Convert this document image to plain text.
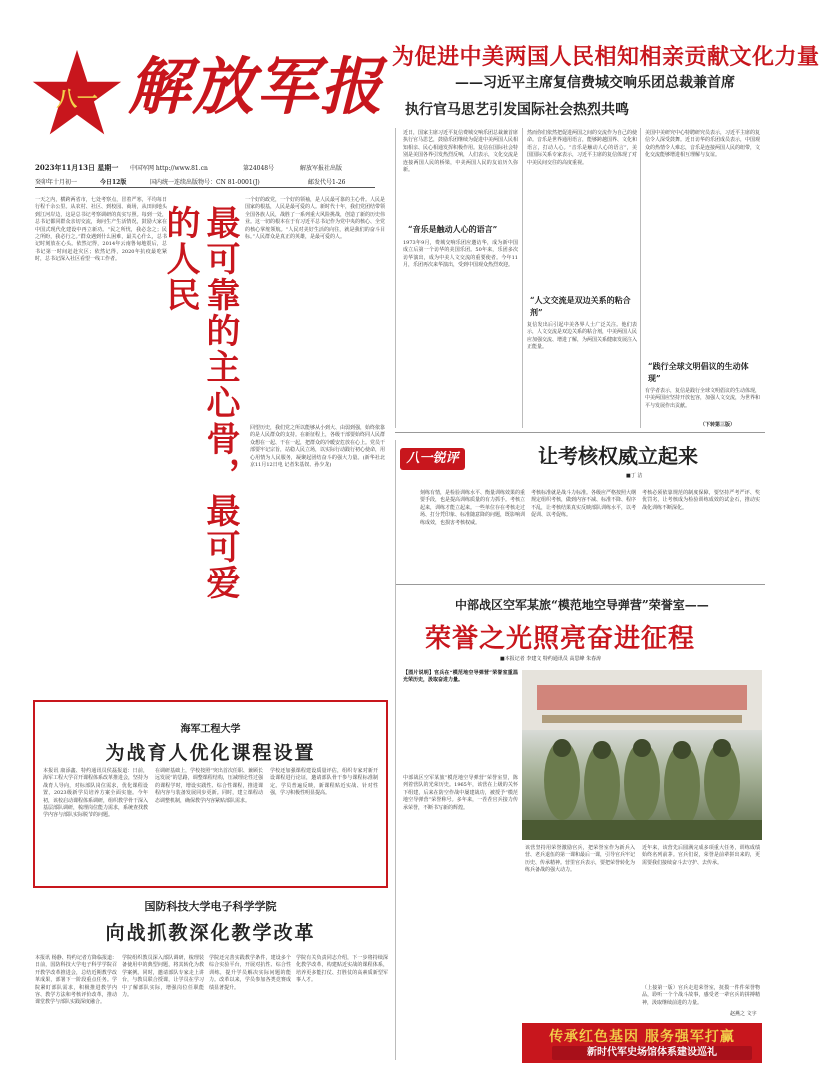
八一 解放军报
2023年11月13日 星期一 中国军网 http://www.81.cn	第24048号	解放军报社出版
癸卯年十月初一	今日12版	国内统一连续出版物号：CN 81-0001(J)	邮发代号1-26
为促进中美两国人民相知相亲贡献文化力量
——习近平主席复信费城交响乐团总裁兼首席
执行官马思艺引发国际社会热烈共鸣
近日，国家主席习近平复信费城交响乐团总裁兼首席执行官马思艺，鼓励乐团继续为促进中美两国人民相知相亲、民心相通发挥积极作用。复信在国际社会特别是美国各界引发热烈反响，人们表示，文化交流是连接两国人民的桥梁，中美两国人民的友谊历久弥新。
“音乐是触动人心的语言”
1973年9月，费城交响乐团应邀访华，成为新中国成立后第一个访华的美国乐团。50年来，乐团多次访华演出，成为中美人文交流的重要使者。今年11月，乐团再次来华演出，受到中国观众热烈欢迎。
然而你们依然把促进两国之间的交流作为自己的使命。音乐是世界通用语言，能够跨越国界、文化和语言，打动人心。“音乐是触动人心的语言”，美国国际关系专家表示，习近平主席的复信体现了对中美民间交往的高度重视。
“人文交流是双边关系的粘合剂”
复信发出后引起中美各界人士广泛关注。他们表示，人文交流是双边关系的粘合剂，中美两国人民应加强交流、增进了解，为两国关系健康发展注入正能量。
美国中美研究中心特聘研究员表示，习近平主席的复信令人深受鼓舞。近日访华的乐团成员表示，中国观众的热情令人难忘，音乐是连接两国人民的纽带，文化交流能够增进相互理解与友谊。
“践行全球文明倡议的生动体现”
有学者表示，复信是践行全球文明倡议的生动体现，中美两国应坚持开放包容，加强人文交流，为世界和平与发展作出贡献。
（下转第三版）
一天之内，横跨两省市，七处考察点，冒着严寒，平均每日行程千余公里。从农村、社区、到校园、商场，从田间地头到江河岸边，这是总书记考察调研的真实写照。每到一处，总书记都同群众亲切交流，询问生产生活情况，鼓励大家在中国式现代化建设中再立新功。“民之所忧，我必念之；民之所盼，我必行之。”群众遇到什么困难，最关心什么，总书记时刻放在心头。依然记得，2014年云南鲁甸地震后，总书记第一时间赶赴灾区；依然记得，2020年抗疫最吃紧时，总书记深入社区看望一线工作者。	最可靠的主心骨，最可爱的人民
一个好的政党，一个好的领袖，是人民最可靠的主心骨。人民是国家的根基，人民是最可爱的人。新时代十年，我们党团结带领全国各族人民，战胜了一系列重大风险挑战，创造了新的历史伟业。这一切的根本在于有习近平总书记作为党中央的核心、全党的核心掌舵领航。“人民对美好生活的向往，就是我们的奋斗目标。”人民群众是真正的英雄，是最可爱的人。
回望历史，我们党之所以能够从小到大、由弱到强，始终依靠的是人民群众的支持。在新征程上，各级干部要始终同人民群众想在一起、干在一起，把群众的冷暖安危放在心上。党员干部要牢记宗旨，站稳人民立场，以实际行动践行初心使命，用心用情为人民服务，凝聚起团结奋斗的强大力量。(新华社北京11月12日电 记者朱基钗、孙少龙)	八一锐评	让考核权威立起来
■丁 洁
刻练有情，是检验训练水平、衡量训练效果的重要手段，也是提高训练质量的有力抓手。考核立起来，训练才能立起来。一些单位存在考核走过场、打分凭印象、标准随意降的问题，既影响训练成效，也损害考核权威。
考核标准就是战斗力标准。各级应严格按照大纲规定组织考核，做到内容不减、标准不降、程序不乱，让考核结果真实反映部队训练水平，以考促训、以考促练。
考核必须依靠规范的制度保障，要坚持严考严评、奖优罚劣，让考核成为检验训练成效的试金石，推动实战化训练不断深化。
中部战区空军某旅“模范地空导弹营”荣誉室——
荣誉之光照亮奋进征程
■本报记者 李建文 特约通讯员 高思峰 朱春涛
【图片说明】官兵在“模范地空导弹营”荣誉室重温光荣历史，汲取奋进力量。
中部战区空军某旅“模范地空导弹营”荣誉室里，陈列着营队的光荣历史。1965年，该营在上级的关怀下组建，后来在防空作战中屡建战功，被授予“模范地空导弹营”荣誉称号。多年来，一茬茬官兵接力传承荣誉，不断书写新的辉煌。
该营坚持用荣誉激励官兵，把荣誉室作为新兵入营、老兵退伍的第一课和最后一课，引导官兵牢记历史、传承精神。营里官兵表示，要把荣誉转化为练兵备战的强大动力。
近年来，该营先后圆满完成多项重大任务，训练成绩始终名列前茅。官兵们说，荣誉是前辈拼出来的，更需要我们接续奋斗去守护、去传承。
（上接第一版）官兵走进荣誉室，抚摸一件件荣誉物品，聆听一个个战斗故事，感受老一辈官兵的拼搏精神，汲取继续前进的力量。
赵燕之 文字
海军工程大学
为战育人优化课程设置
本报讯 康添鑫、特约通讯员侯磊报道：日前，海军工程大学召开课程体系改革推进会，坚持为战育人导向，对标部队岗位需求，优化课程设置，2023级新学员培养方案全面实施。今年初，该校启动课程体系调研，组织教学骨干深入基层部队调研，梳理岗位能力需求，系统查找教学内容与部队实际脱节的问题。
在调研基础上，学校按照“突出首次任职、兼顾长远发展”的思路，调整课程结构，压减理论性过强的课程学时，增设实践性、综合性课程，推进课程内容与装备发展同步更新。同时，建立课程动态调整机制，确保教学内容紧贴部队需求。
学校还加强课程建设质量评估，组织专家对新开设课程进行论证，邀请部队骨干参与课程标准制定。学员普遍反映，新课程贴近实战、针对性强，学习积极性明显提高。
国防科技大学电子科学学院
向战抓教深化教学改革
本报讯 杨静、特约记者方降临报道：日前，国防科技大学电子科学学院召开教学改革推进会，总结近期教学改革成果，部署下一阶段重点任务。学院紧盯部队需求，积极推进教学内容、教学方法和考核评价改革，推动课堂教学与部队实践深度融合。
学院组织教员深入部队调研，梳理装备使用中的典型问题，将其转化为教学案例。同时，邀请部队专家走上讲台，与教员联合授课，让学员在学习中了解部队实际，增强岗位任职能力。
学院还完善实践教学条件，建设多个综合实验平台，开展对抗性、综合性训练，提升学员解决实际问题的能力。改革以来，学员参加各类竞赛成绩显著提升。
学院有关负责同志介绍，下一步将持续深化教学改革，构建贴近实战的课程体系，培养更多能打仗、打胜仗的高素质新型军事人才。
传承红色基因 服务强军打赢
新时代军史场馆体系建设巡礼
